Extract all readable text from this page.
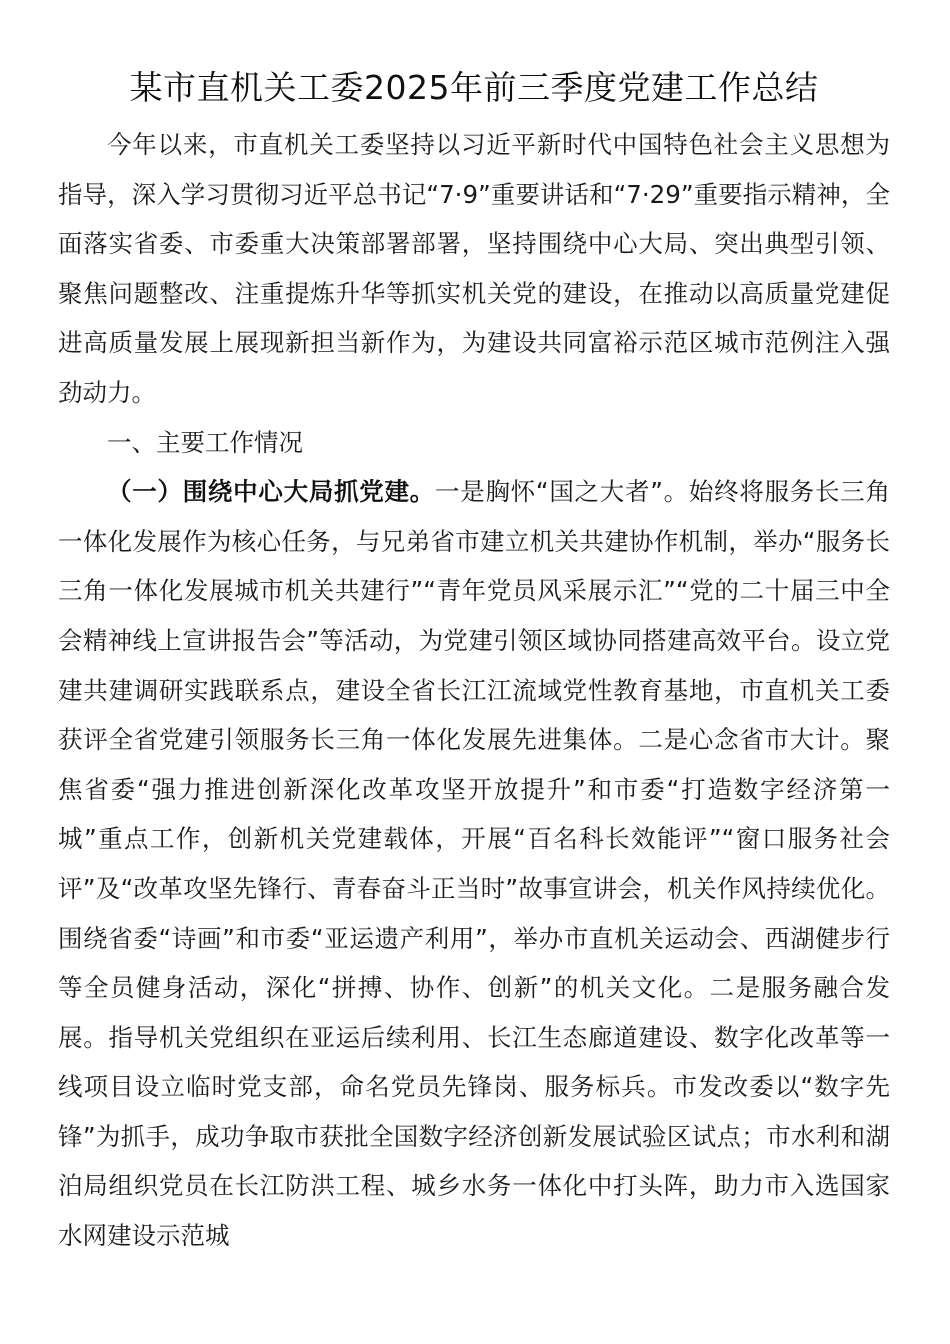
某市直机关工委2025年前三季度党建工作总结

今年以来，市直机关工委坚持以习近平新时代中国特色社会主义思想为指导，深入学习贯彻习近平总书记“7·9”重要讲话和“7·29”重要指示精神，全面落实省委、市委重大决策部署部署，坚持围绕中心大局、突出典型引领、聚焦问题整改、注重提炼升华等抓实机关党的建设，在推动以高质量党建促进高质量发展上展现新担当新作为，为建设共同富裕示范区城市范例注入强劲动力。

一、主要工作情况

（一）围绕中心大局抓党建。一是胸怀“国之大者”。始终将服务长三角一体化发展作为核心任务，与兄弟省市建立机关共建协作机制，举办“服务长三角一体化发展城市机关共建行”“青年党员风采展示汇”“党的二十届三中全会精神线上宣讲报告会”等活动，为党建引领区域协同搭建高效平台。设立党建共建调研实践联系点，建设全省长江江流域党性教育基地，市直机关工委获评全省党建引领服务长三角一体化发展先进集体。二是心念省市大计。聚焦省委“强力推进创新深化改革攻坚开放提升”和市委“打造数字经济第一城”重点工作，创新机关党建载体，开展“百名科长效能评”“窗口服务社会评”及“改革攻坚先锋行、青春奋斗正当时”故事宣讲会，机关作风持续优化。围绕省委“诗画”和市委“亚运遗产利用”，举办市直机关运动会、西湖健步行等全员健身活动，深化“拼搏、协作、创新”的机关文化。二是服务融合发展。指导机关党组织在亚运后续利用、长江生态廊道建设、数字化改革等一线项目设立临时党支部，命名党员先锋岗、服务标兵。市发改委以“数字先锋”为抓手，成功争取市获批全国数字经济创新发展试验区试点；市水利和湖泊局组织党员在长江防洪工程、城乡水务一体化中打头阵，助力市入选国家水网建设示范城
